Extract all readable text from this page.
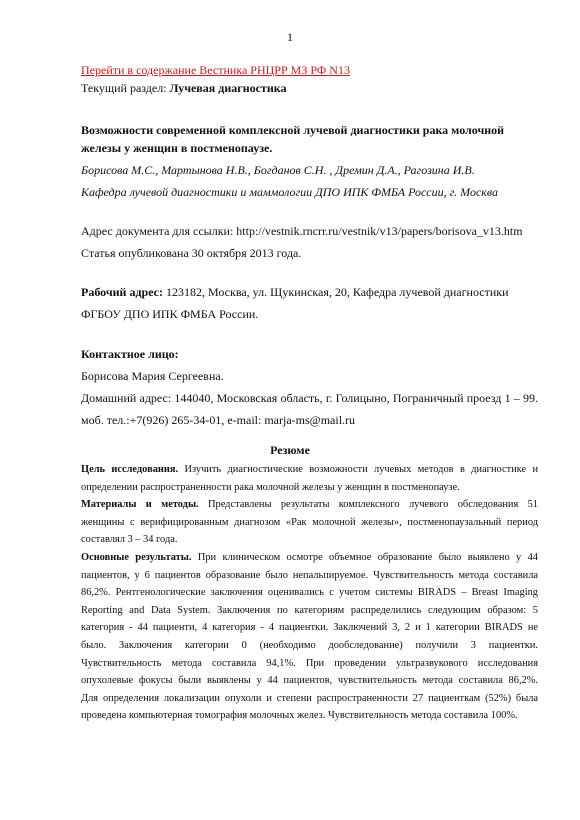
1
Перейти в содержание Вестника РНЦРР МЗ РФ N13
Текущий раздел: Лучевая диагностика
Возможности современной комплексной лучевой диагностики рака молочной
железы у женщин в постменопаузе.
Борисова М.С., Мартынова Н.В., Богданов С.Н. , Дремин Д.А., Рагозина И.В.
Кафедра лучевой диагностики и маммологии ДПО ИПК ФМБА России, г. Москва
Адрес документа для ссылки: http://vestnik.rncrr.ru/vestnik/v13/papers/borisova_v13.htm
Статья опубликована 30 октября 2013 года.
Рабочий адрес: 123182, Москва, ул. Щукинская, 20, Кафедра лучевой диагностики
ФГБОУ ДПО ИПК ФМБА России.
Контактное лицо:
Борисова Мария Сергеевна.
Домашний адрес: 144040, Московская область, г. Голицыно, Пограничный проезд 1 – 99.
моб. тел.:+7(926) 265-34-01, e-mail: marja-ms@mail.ru
Резюме
Цель исследования. Изучить диагностические возможности лучевых методов в диагностике и
определении распространенности рака молочной железы у женщин в постменопаузе.
Материалы и методы. Представлены результаты комплексного лучевого обследования 51
женщины с верифицированным диагнозом «Рак молочной железы», постменопаузальный период
составлял 3 – 34 года.
Основные результаты. При клиническом осмотре объемное образование было выявлено у 44
пациентов, у 6 пациентов образование было непальпируемое. Чувствительность метода составила
86,2%. Рентгенологические заключения оценивались с учетом системы BIRADS – Breast Imaging
Reporting and Data System. Заключения по категориям распределились следующим образом: 5
категория - 44 пациенти, 4 категория - 4 пациентки. Заключений 3, 2 и 1 категории BIRADS не
было. Заключения категории 0 (необходимо дообследование) получили 3 пациентки.
Чувствительность метода составила 94,1%. При проведении ультразвукового исследования
опухолевые фокусы были выявлены у 44 пациентов, чувствительность метода составила 86,2%.
Для определения локализации опухоли и степени распространенности 27 пациенткам (52%) была
проведена компьютерная томография молочных желез. Чувствительность метода составила 100%.
